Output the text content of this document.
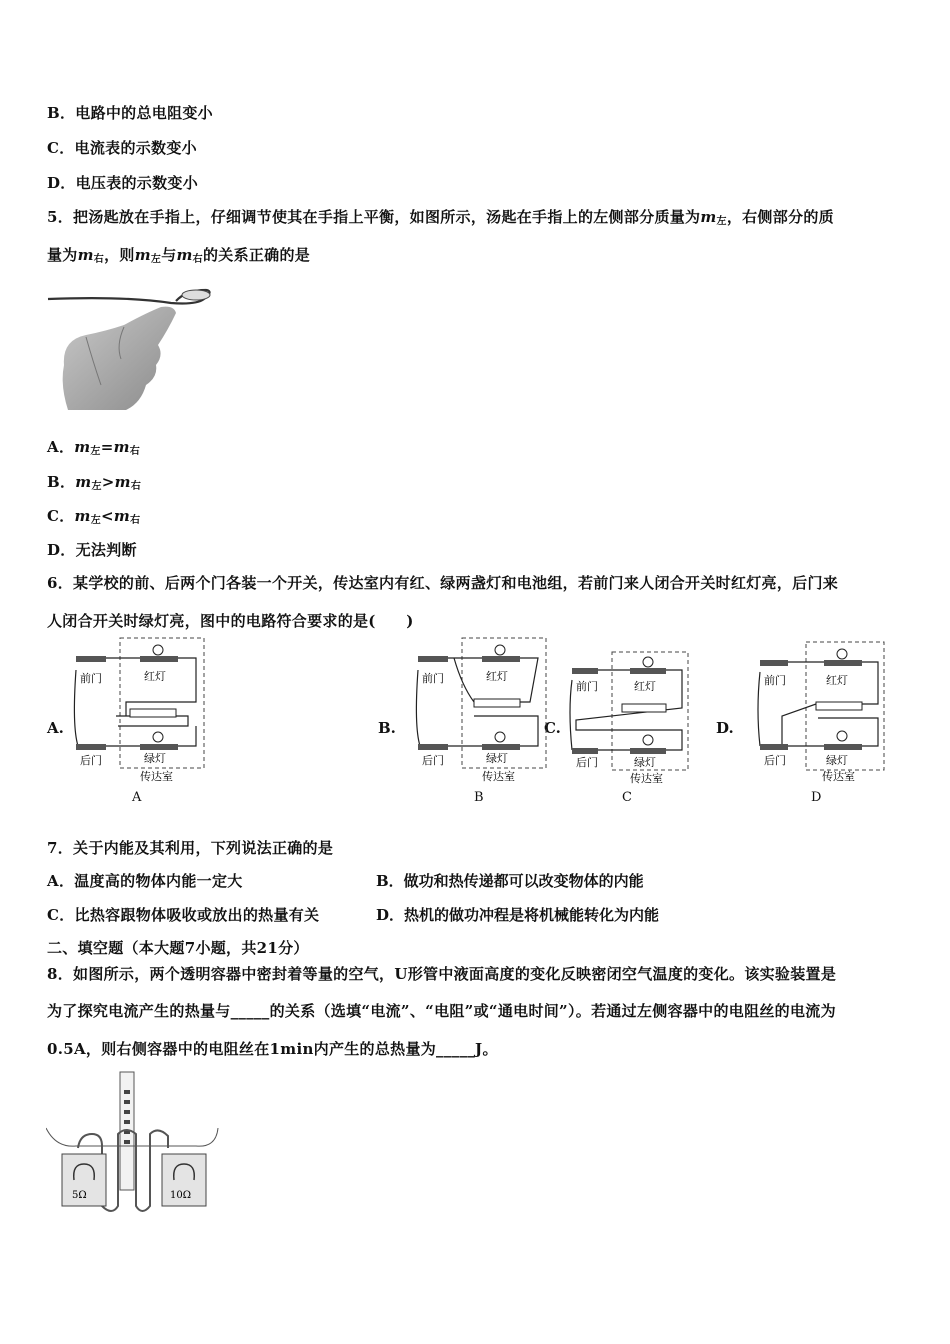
B．电路中的总电阻变小
C．电流表的示数变小
D．电压表的示数变小
5．把汤匙放在手指上，仔细调节使其在手指上平衡，如图所示，汤匙在手指上的左侧部分质量为$m_左$，右侧部分的质
量为$m_右$，则$m_左$与$m_右$的关系正确的是
A．$m_左=m_右$
B．$m_左>m_右$
C．$m_左<m_右$
D．无法判断
6．某学校的前、后两个门各装一个开关，传达室内有红、绿两盏灯和电池组，若前门来人闭合开关时红灯亮，后门来
人闭合开关时绿灯亮，图中的电路符合要求的是(　　)
A.	B.	C.	D.
前门	红灯
后门	绿灯
传达室
A
前门	红灯
后门	绿灯
传达室
B
前门	红灯
后门	绿灯
传达室
C
前门	红灯
后门	绿灯
传达室
D
7．关于内能及其利用，下列说法正确的是
A．温度高的物体内能一定大	B．做功和热传递都可以改变物体的内能
C．比热容跟物体吸收或放出的热量有关	D．热机的做功冲程是将机械能转化为内能
二、填空题（本大题7小题，共21分）
8．如图所示，两个透明容器中密封着等量的空气，U形管中液面高度的变化反映密闭空气温度的变化。该实验装置是
为了探究电流产生的热量与_____的关系（选填“电流”、“电阻”或“通电时间”）。若通过左侧容器中的电阻丝的电流为
0.5A，则右侧容器中的电阻丝在1min内产生的总热量为_____J。
5Ω	10Ω
